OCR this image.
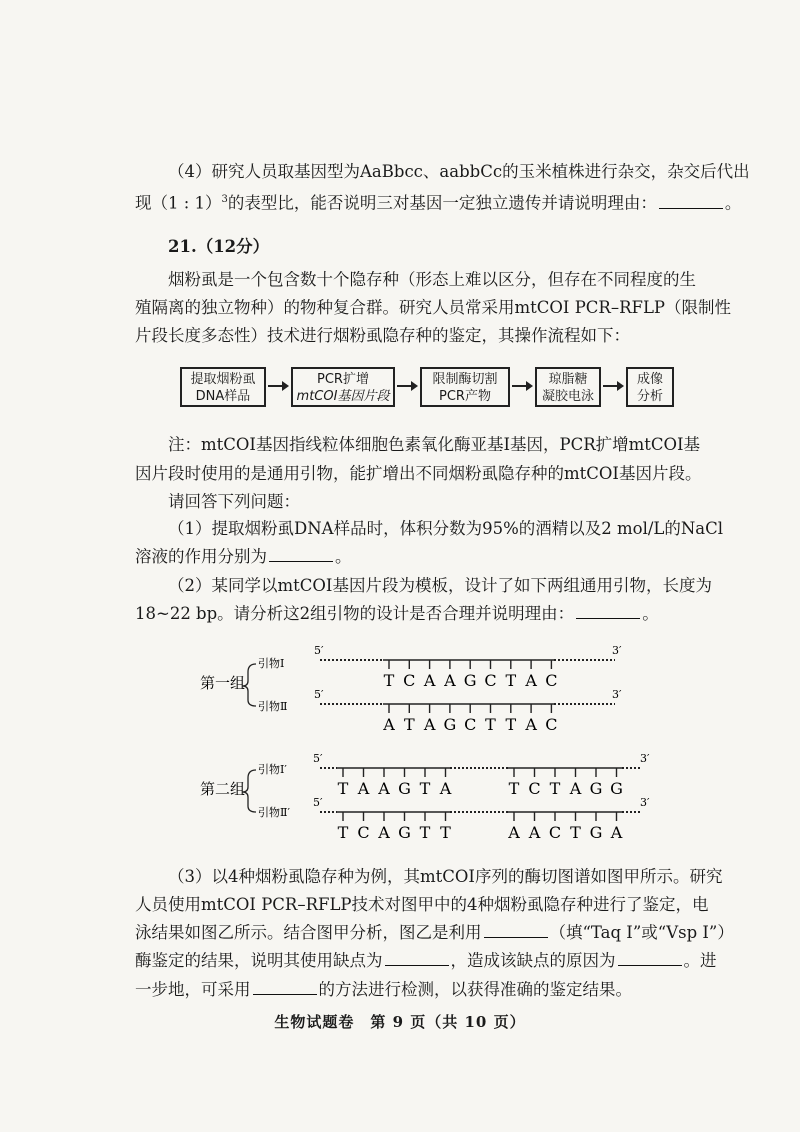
（4）研究人员取基因型为AaBbcc、aabbCc的玉米植株进行杂交，杂交后代出
现（1 : 1）$^3$的表型比，能否说明三对基因一定独立遗传并请说明理由：	。
21.（12分）
烟粉虱是一个包含数十个隐存种（形态上难以区分，但存在不同程度的生
殖隔离的独立物种）的物种复合群。研究人员常采用mtCOI PCR–RFLP（限制性
片段长度多态性）技术进行烟粉虱隐存种的鉴定，其操作流程如下：
提取烟粉虱
DNA样品
PCR扩增
mtCOI基因片段
限制酶切割
PCR产物
琼脂糖
凝胶电泳
成像
分析
注：mtCOI基因指线粒体细胞色素氧化酶亚基Ⅰ基因，PCR扩增mtCOI基
因片段时使用的是通用引物，能扩增出不同烟粉虱隐存种的mtCOI基因片段。
请回答下列问题：
（1）提取烟粉虱DNA样品时，体积分数为95%的酒精以及2 mol/L的NaCl
溶液的作用分别为	。
（2）某同学以mtCOI基因片段为模板，设计了如下两组通用引物，长度为
18~22 bp。请分析这2组引物的设计是否合理并说明理由：	。
第一组
第二组
引物Ⅰ
引物Ⅱ
引物Ⅰ′
引物Ⅱ′
5′	3′
T C A A G C T A C
5′	3′
A T A G C T T A C
5′	3′
T A A G T A	T C T A G G
5′	3′
T C A G T T	A A C T G A
（3）以4种烟粉虱隐存种为例，其mtCOI序列的酶切图谱如图甲所示。研究
人员使用mtCOI PCR–RFLP技术对图甲中的4种烟粉虱隐存种进行了鉴定，电
泳结果如图乙所示。结合图甲分析，图乙是利用	（填“Taq Ⅰ”或“Vsp Ⅰ”）
酶鉴定的结果，说明其使用缺点为	，造成该缺点的原因为	。进
一步地，可采用	的方法进行检测，以获得准确的鉴定结果。
生物试题卷　第 9 页（共 10 页）
